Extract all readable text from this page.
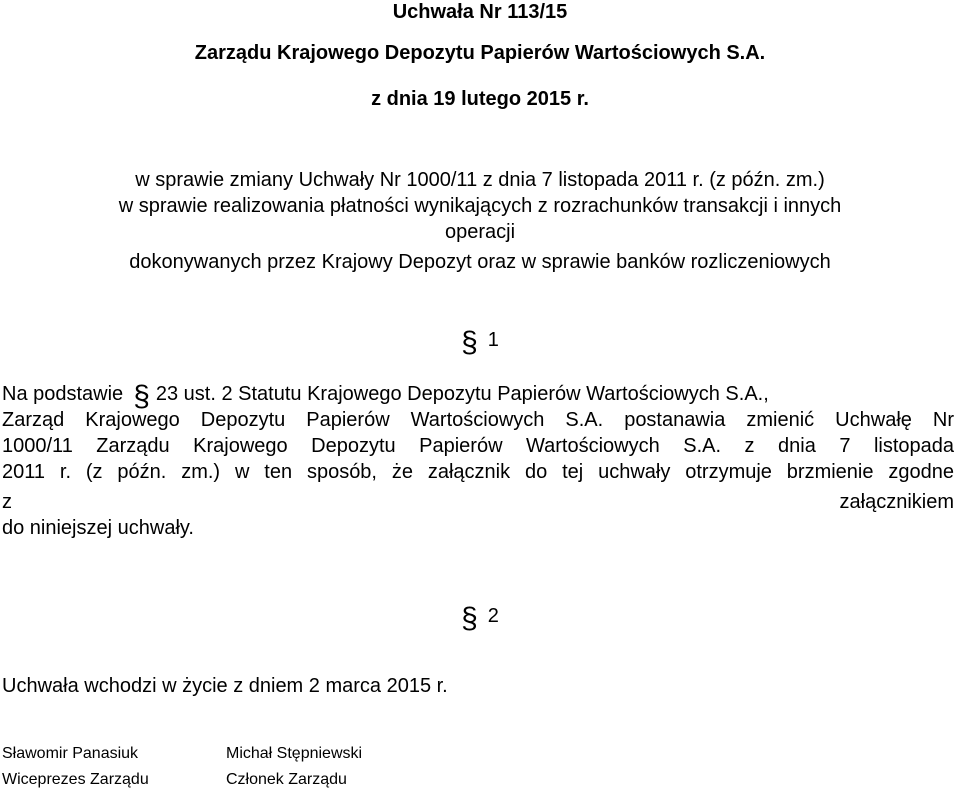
Uchwała Nr 113/15
Zarządu Krajowego Depozytu Papierów Wartościowych S.A.
z dnia 19 lutego 2015 r.
w sprawie zmiany Uchwały Nr 1000/11 z dnia 7 listopada 2011 r. (z późn. zm.)
w sprawie realizowania płatności wynikających z rozrachunków transakcji i innych
operacji
dokonywanych przez Krajowy Depozyt oraz w sprawie banków rozliczeniowych
§ 1
Na podstawie § 23 ust. 2 Statutu Krajowego Depozytu Papierów Wartościowych S.A.,
Zarząd Krajowego Depozytu Papierów Wartościowych S.A. postanawia zmienić Uchwałę Nr
1000/11 Zarządu Krajowego Depozytu Papierów Wartościowych S.A. z dnia 7 listopada
2011 r. (z późn. zm.) w ten sposób, że załącznik do tej uchwały otrzymuje brzmienie zgodne
z	załącznikiem
do niniejszej uchwały.
§ 2
Uchwała wchodzi w życie z dniem 2 marca 2015 r.
Sławomir Panasiuk
Wiceprezes Zarządu
Michał Stępniewski
Członek Zarządu
